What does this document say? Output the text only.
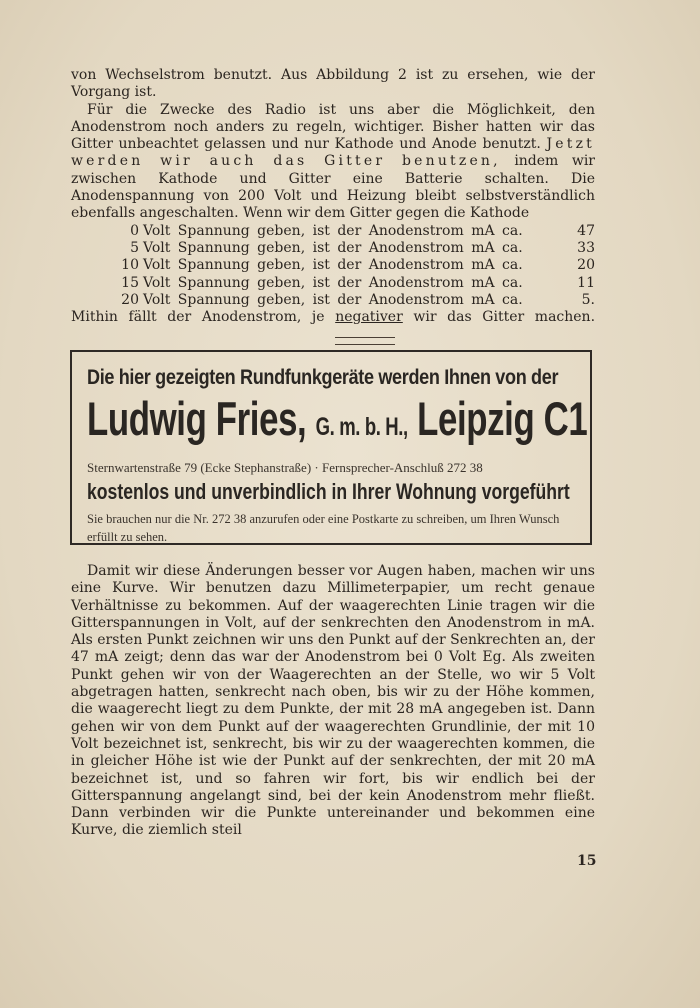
von Wechselstrom benutzt. Aus Abbildung 2 ist zu ersehen, wie der Vorgang ist.

Für die Zwecke des Radio ist uns aber die Möglichkeit, den Anodenstrom noch anders zu regeln, wichtiger. Bisher hatten wir das Gitter unbeachtet gelassen und nur Kathode und Anode benutzt. Jetzt werden wir auch das Gitter benutzen, indem wir zwischen Kathode und Gitter eine Batterie schalten. Die Anodenspannung von 200 Volt und Heizung bleibt selbstverständlich ebenfalls angeschalten. Wenn wir dem Gitter gegen die Kathode

0 Volt Spannung geben, ist der Anodenstrom mA ca.	47
5 Volt Spannung geben, ist der Anodenstrom mA ca.	33
10 Volt Spannung geben, ist der Anodenstrom mA ca.	20
15 Volt Spannung geben, ist der Anodenstrom mA ca.	11
20 Volt Spannung geben, ist der Anodenstrom mA ca.	5.

Mithin fällt der Anodenstrom, je negativer wir das Gitter machen.

Die hier gezeigten Rundfunkgeräte werden Ihnen von der
Ludwig Fries, G. m. b. H., Leipzig C1
Sternwartenstraße 79 (Ecke Stephanstraße) · Fernsprecher-Anschluß 272 38
kostenlos und unverbindlich in Ihrer Wohnung vorgeführt
Sie brauchen nur die Nr. 272 38 anzurufen oder eine Postkarte zu schreiben, um Ihren Wunsch erfüllt zu sehen.

Damit wir diese Änderungen besser vor Augen haben, machen wir uns eine Kurve. Wir benutzen dazu Millimeterpapier, um recht genaue Verhältnisse zu bekommen. Auf der waagerechten Linie tragen wir die Gitterspannungen in Volt, auf der senkrechten den Anodenstrom in mA. Als ersten Punkt zeichnen wir uns den Punkt auf der Senkrechten an, der 47 mA zeigt; denn das war der Anodenstrom bei 0 Volt Eg. Als zweiten Punkt gehen wir von der Waagerechten an der Stelle, wo wir 5 Volt abgetragen hatten, senkrecht nach oben, bis wir zu der Höhe kommen, die waagerecht liegt zu dem Punkte, der mit 28 mA angegeben ist. Dann gehen wir von dem Punkt auf der waagerechten Grundlinie, der mit 10 Volt bezeichnet ist, senkrecht, bis wir zu der waagerechten kommen, die in gleicher Höhe ist wie der Punkt auf der senkrechten, der mit 20 mA bezeichnet ist, und so fahren wir fort, bis wir endlich bei der Gitterspannung angelangt sind, bei der kein Anodenstrom mehr fließt. Dann verbinden wir die Punkte untereinander und bekommen eine Kurve, die ziemlich steil

15
